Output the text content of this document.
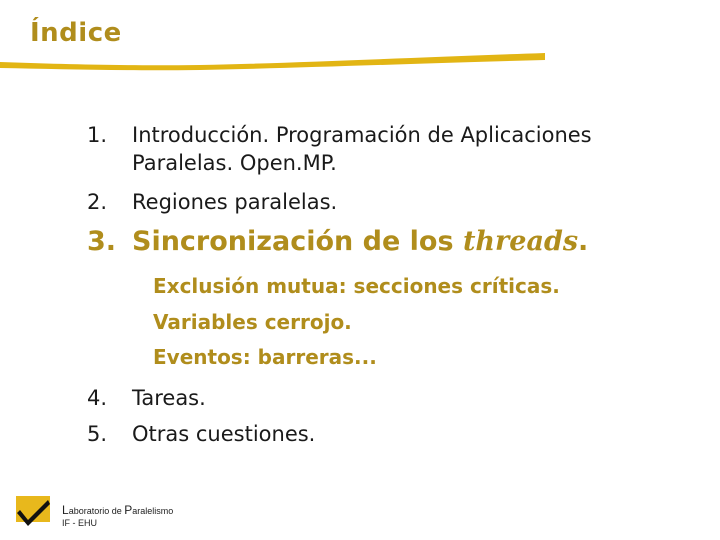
Índice
1. Introducción. Programación de Aplicaciones
Paralelas. Open.MP.
2. Regiones paralelas.
3. Sincronización de los threads.
Exclusión mutua: secciones críticas.
Variables cerrojo.
Eventos: barreras...
4. Tareas.
5. Otras cuestiones.
Laboratorio de Paralelismo
IF - EHU
